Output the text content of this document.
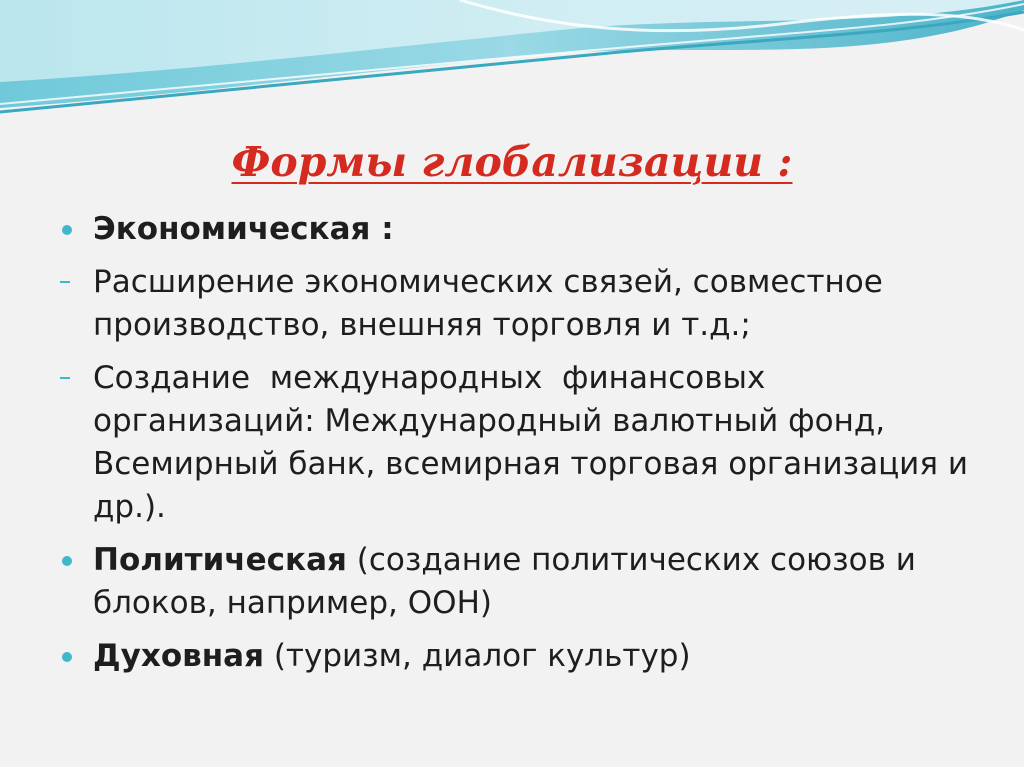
Формы глобализации :
Экономическая :
Расширение экономических связей, совместное производство, внешняя торговля и т.д.;
Создание  международных  финансовых организаций: Международный валютный фонд, Всемирный банк, всемирная торговая организация и др.).
Политическая (создание политических союзов и блоков, например, ООН)
Духовная (туризм, диалог культур)
